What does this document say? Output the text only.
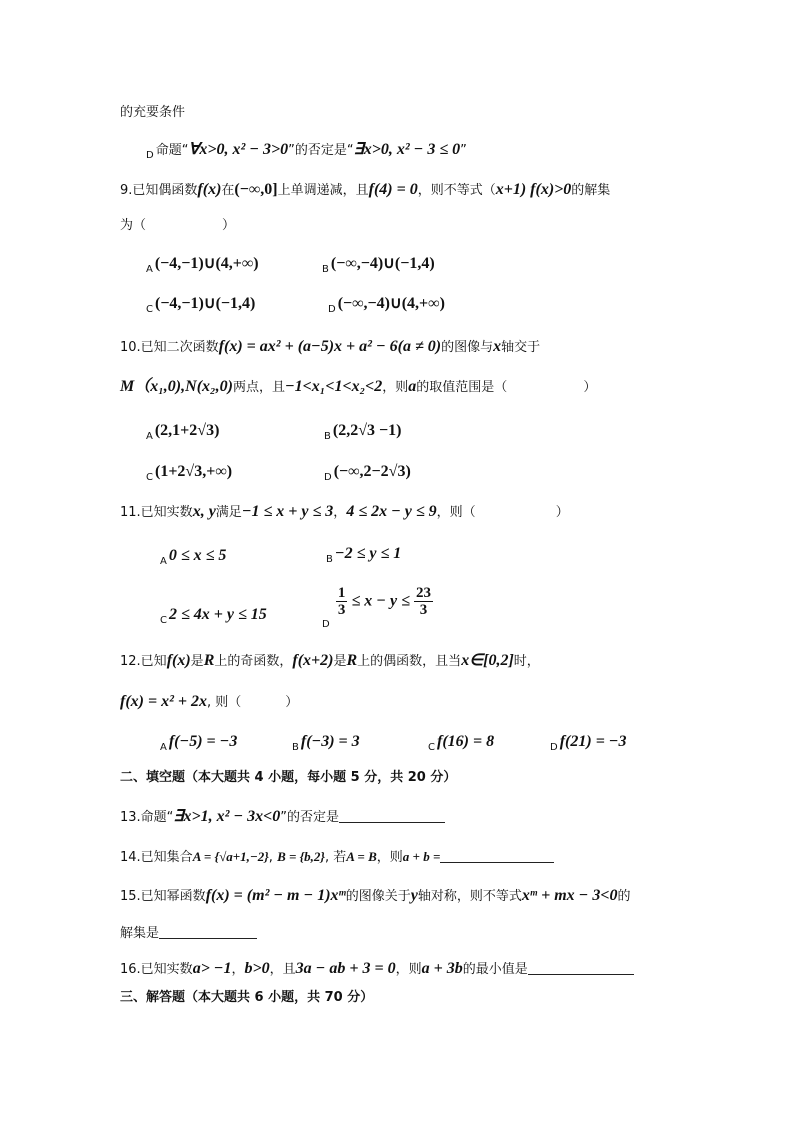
的充要条件
$_D$ 命题“∀x>0, x² − 3>0”的否定是“∃x>0, x² − 3 ≤ 0”
9.已知偶函数f(x)在(−∞,0]上单调递减，且f(4) = 0，则不等式（x+1) f(x)>0的解集
为（	）
$_A$ (−4,−1)∪(4,+∞)	$_B$ (−∞,−4)∪(−1,4)
$_C$ (−4,−1)∪(−1,4)	$_D$ (−∞,−4)∪(4,+∞)
10.已知二次函数f(x) = ax² + (a−5)x + a² − 6(a ≠ 0)的图像与x轴交于
M（x₁,0),N(x₂,0)两点，且−1<x₁<1<x₂<2，则a的取值范围是（	）
$_A$ (2,1+2√3)	$_B$ (2,2√3 −1)
$_C$ (1+2√3,+∞)	$_D$ (−∞,2−2√3)
11.已知实数x, y满足−1 ≤ x + y ≤ 3，4 ≤ 2x − y ≤ 9，则（	）
$_A$ 0 ≤ x ≤ 5	$_B$ −2 ≤ y ≤ 1
$_C$ 2 ≤ 4x + y ≤ 15
$_D$
$\frac{1}{3} \le x - y \le \frac{23}{3}$
12.已知f(x)是R上的奇函数，f(x+2)是R上的偶函数，且当x∈[0,2]时，
f(x) = x² + 2x, 则（	）
$_A$ f(−5) = −3	$_B$ f(−3) = 3	$_C$ f(16) = 8	$_D$ f(21) = −3
二、填空题（本大题共 4 小题，每小题 5 分，共 20 分）
13.命题“∃x>1, x² − 3x<0”的否定是
14.已知集合A = {√a+1,−2}, B = {b,2}, 若A = B，则a + b =
15.已知幂函数f(x) = (m² − m − 1)xᵐ的图像关于y轴对称，则不等式xᵐ + mx − 3<0的
解集是
16.已知实数a> −1，b>0，且3a − ab + 3 = 0，则a + 3b的最小值是
三、解答题（本大题共 6 小题，共 70 分）
